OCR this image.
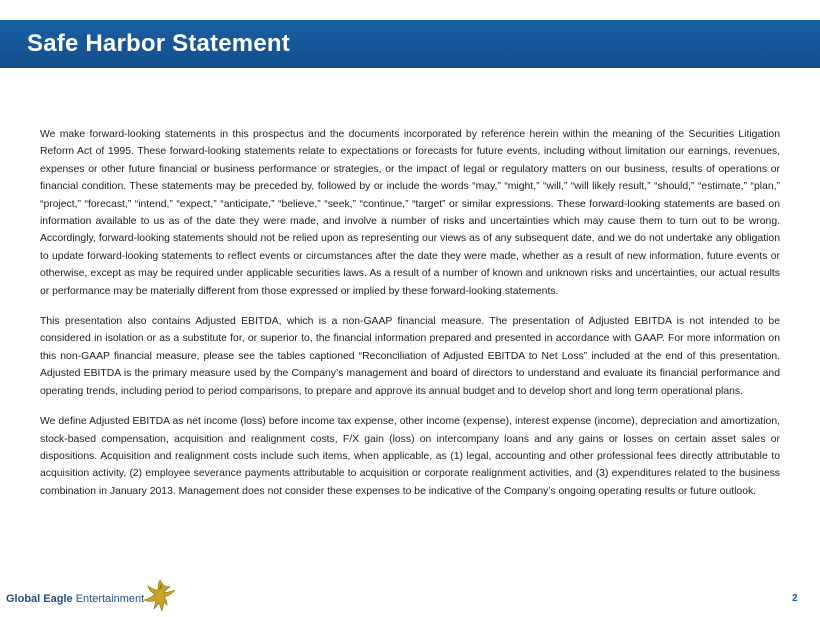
Safe Harbor Statement

We make forward-looking statements in this prospectus and the documents incorporated by reference herein within the meaning of the Securities Litigation Reform Act of 1995. These forward-looking statements relate to expectations or forecasts for future events, including without limitation our earnings, revenues, expenses or other future financial or business performance or strategies, or the impact of legal or regulatory matters on our business, results of operations or financial condition. These statements may be preceded by, followed by or include the words “may,” “might,” “will,” “will likely result,” “should,” “estimate,” “plan,” “project,” “forecast,” “intend,” “expect,” “anticipate,” “believe,” “seek,” “continue,” “target” or similar expressions. These forward-looking statements are based on information available to us as of the date they were made, and involve a number of risks and uncertainties which may cause them to turn out to be wrong. Accordingly, forward-looking statements should not be relied upon as representing our views as of any subsequent date, and we do not undertake any obligation to update forward-looking statements to reflect events or circumstances after the date they were made, whether as a result of new information, future events or otherwise, except as may be required under applicable securities laws. As a result of a number of known and unknown risks and uncertainties, our actual results or performance may be materially different from those expressed or implied by these forward-looking statements.

This presentation also contains Adjusted EBITDA, which is a non-GAAP financial measure. The presentation of Adjusted EBITDA is not intended to be considered in isolation or as a substitute for, or superior to, the financial information prepared and presented in accordance with GAAP. For more information on this non-GAAP financial measure, please see the tables captioned “Reconciliation of Adjusted EBITDA to Net Loss” included at the end of this presentation. Adjusted EBITDA is the primary measure used by the Company’s management and board of directors to understand and evaluate its financial performance and operating trends, including period to period comparisons, to prepare and approve its annual budget and to develop short and long term operational plans.

We define Adjusted EBITDA as net income (loss) before income tax expense, other income (expense), interest expense (income), depreciation and amortization, stock-based compensation, acquisition and realignment costs, F/X gain (loss) on intercompany loans and any gains or losses on certain asset sales or dispositions. Acquisition and realignment costs include such items, when applicable, as (1) legal, accounting and other professional fees directly attributable to acquisition activity, (2) employee severance payments attributable to acquisition or corporate realignment activities, and (3) expenditures related to the business combination in January 2013. Management does not consider these expenses to be indicative of the Company’s ongoing operating results or future outlook.

Global Eagle Entertainment	2
